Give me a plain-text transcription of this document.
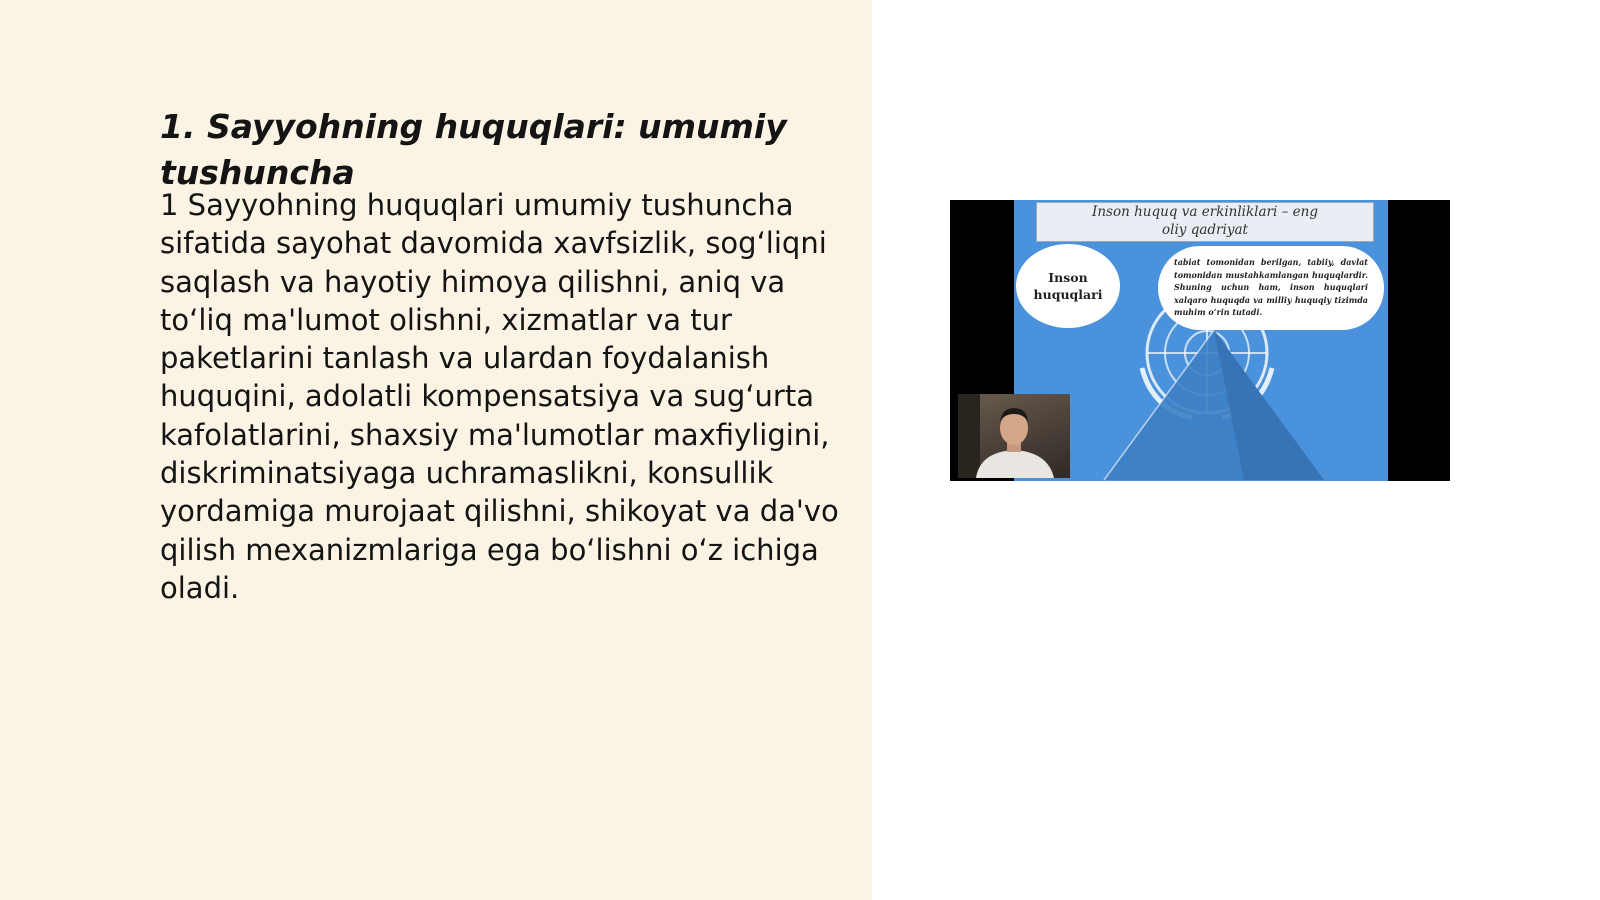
1. Sayyohning huquqlari: umumiy tushuncha

1 Sayyohning huquqlari umumiy tushuncha sifatida sayohat davomida xavfsizlik, sog‘liqni saqlash va hayotiy himoya qilishni, aniq va to‘liq ma'lumot olishni, xizmatlar va tur paketlarini tanlash va ulardan foydalanish huquqini, adolatli kompensatsiya va sug‘urta kafolatlarini, shaxsiy ma'lumotlar maxfiyligini, diskriminatsiyaga uchramaslikni, konsullik yordamiga murojaat qilishni, shikoyat va da'vo qilish mexanizmlariga ega bo‘lishni o‘z ichiga oladi.

Inson huquq va erkinliklari – eng
oliy qadriyat
Inson
huquqlari
tabiat tomonidan berilgan, tabiiy, davlat tomonidan mustahkamlangan huquqlardir. Shuning uchun ham, inson huquqlari xalqaro huquqda va milliy huquqiy tizimda muhim o‘rin tutadi.
